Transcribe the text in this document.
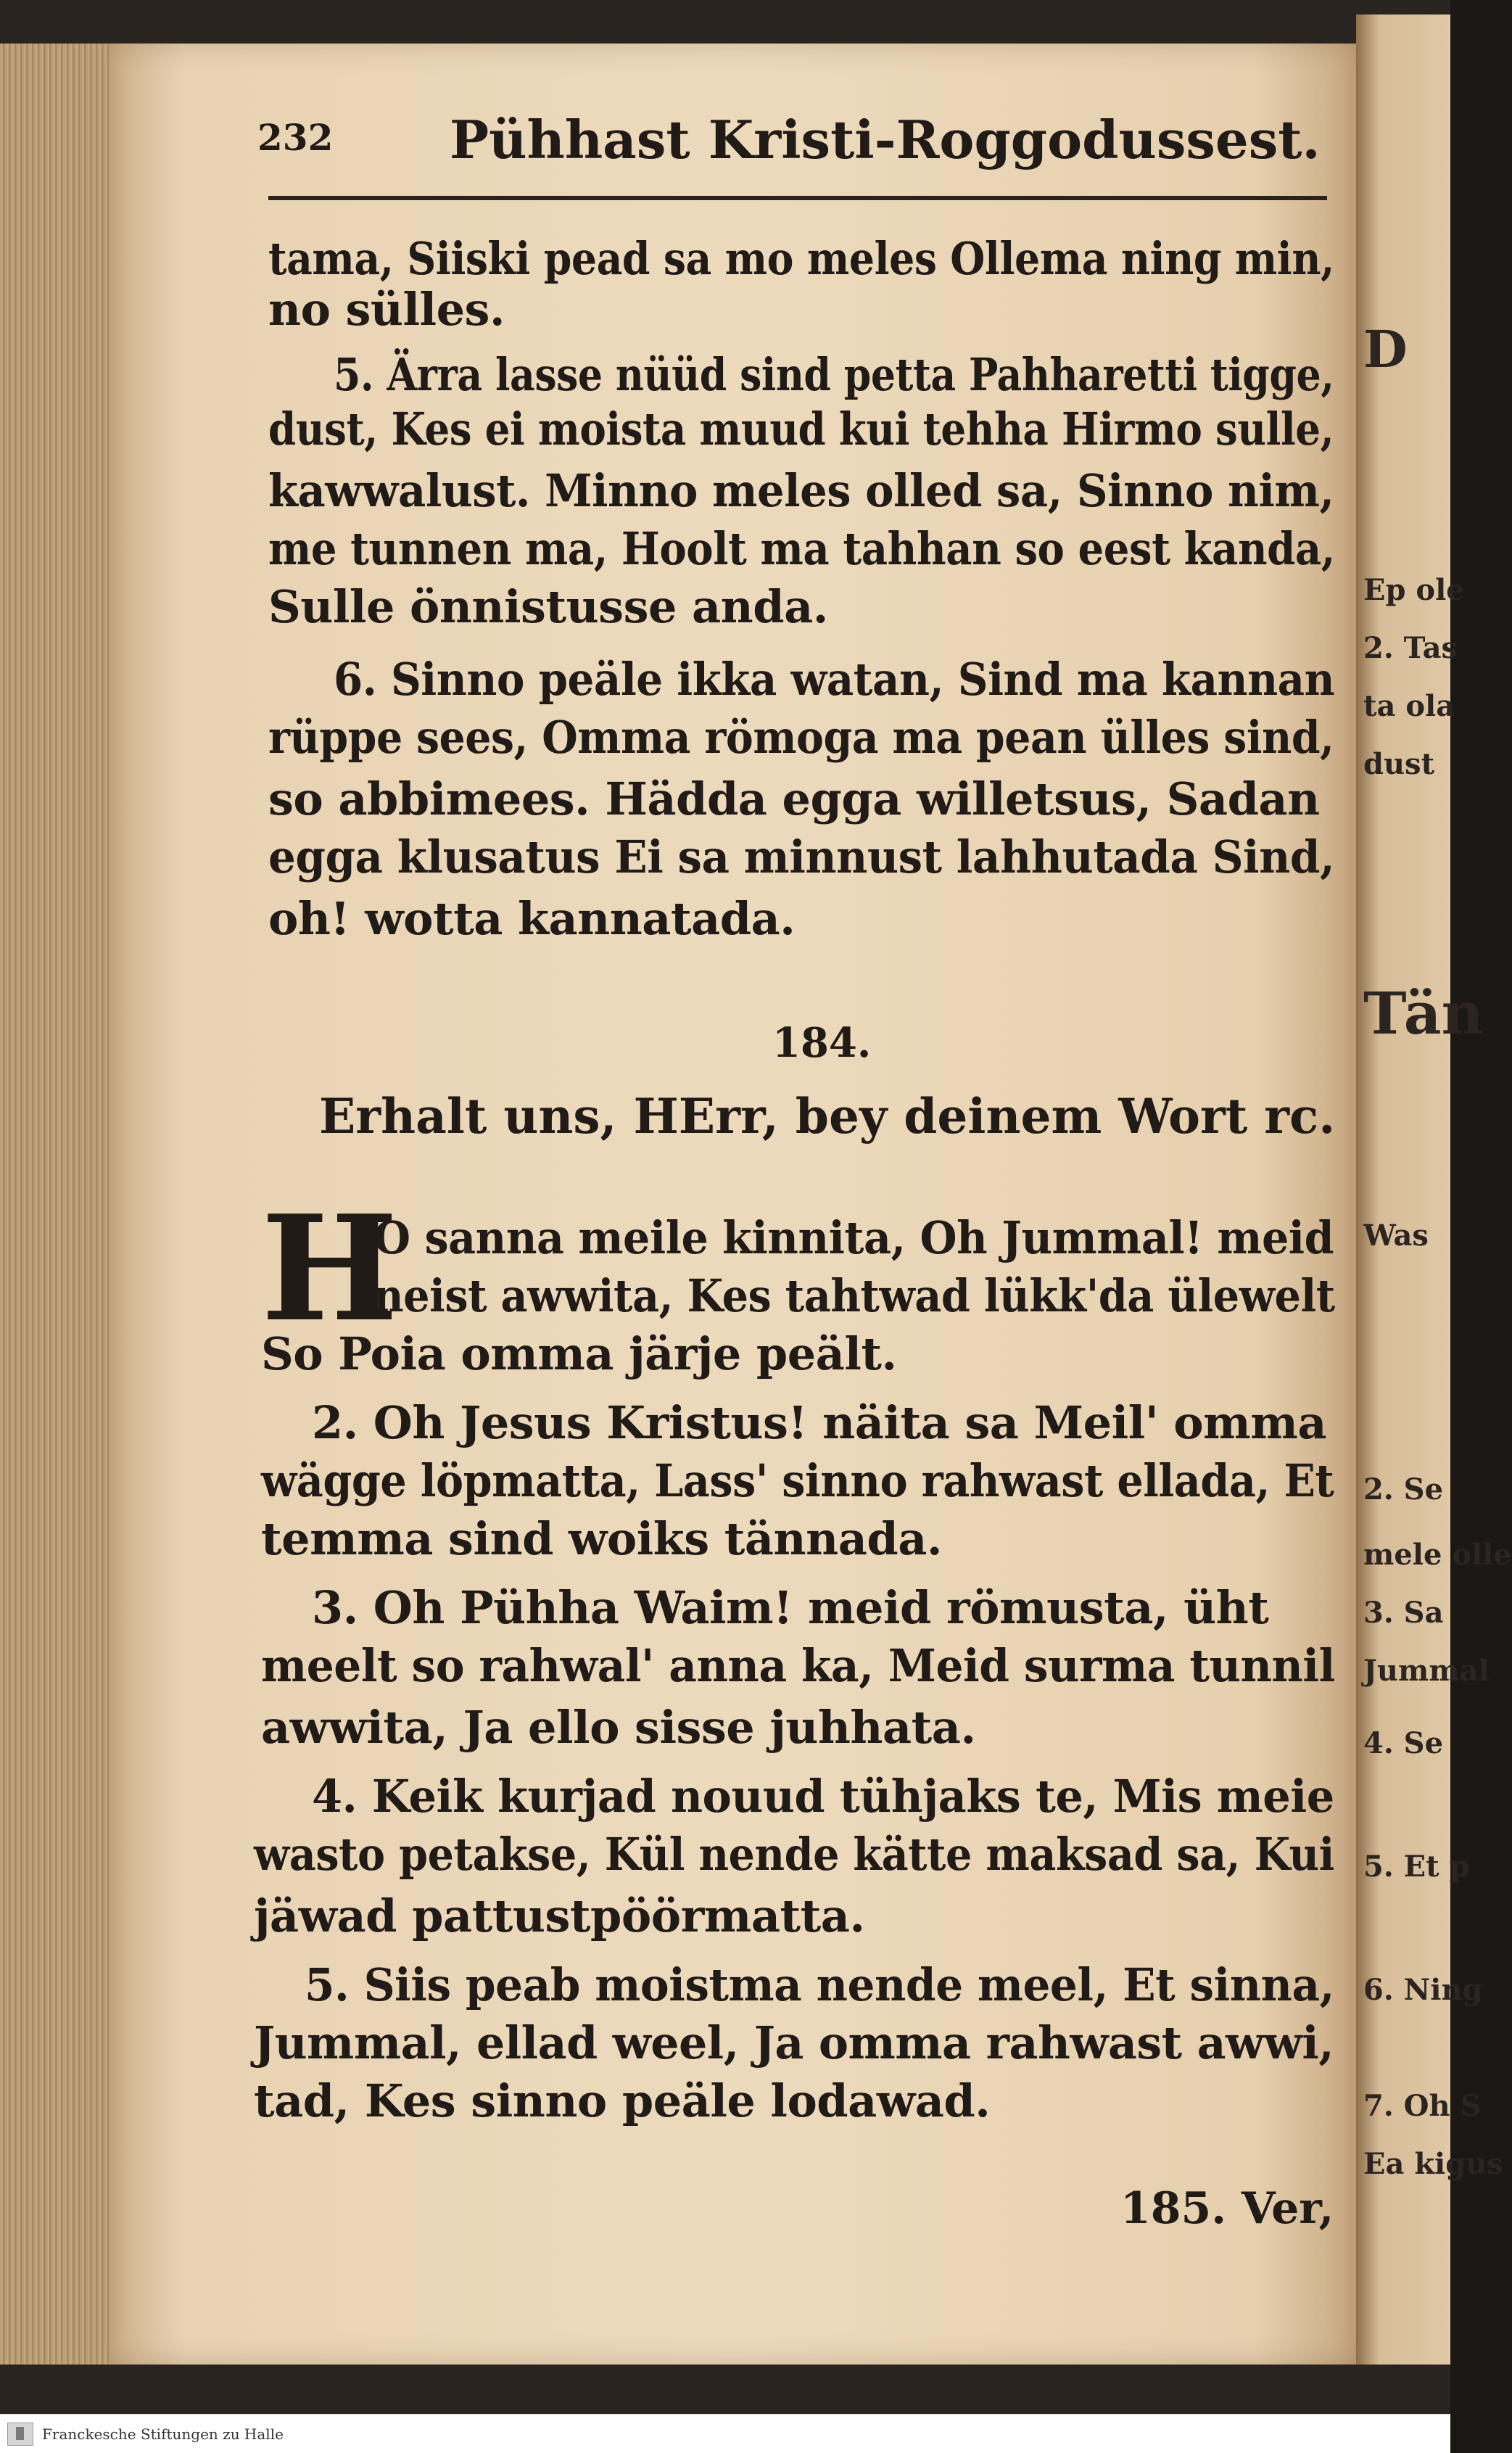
D
Ep ole
2. Tas
ta ola
dust
Tän
Was
2. Se
mele olle
3. Sa
Jummal
4. Se
5. Et p
6. Ning
7. Oh S
Ea kigus
232 Pühhast Kristi-Roggodussest.
tama, Siiski pead sa mo meles Ollema ning min,
no sülles.
5. Ärra lasse nüüd sind petta Pahharetti tigge,
dust, Kes ei moista muud kui tehha Hirmo sulle,
kawwalust. Minno meles olled sa, Sinno nim,
me tunnen ma, Hoolt ma tahhan so eest kanda,
Sulle önnistusse anda.
6. Sinno peäle ikka watan, Sind ma kannan
rüppe sees, Omma römoga ma pean ülles sind,
so abbimees. Hädda egga willetsus, Sadan
egga klusatus Ei sa minnust lahhutada Sind,
oh! wotta kannatada.
184.
Erhalt uns, HErr, bey deinem Wort rc.
H
O sanna meile kinnita, Oh Jummal! meid
neist awwita, Kes tahtwad lükk'da ülewelt
So Poia omma järje peält.
2. Oh Jesus Kristus! näita sa Meil' omma
wägge löpmatta, Lass' sinno rahwast ellada, Et
temma sind woiks tännada.
3. Oh Pühha Waim! meid römusta, üht
meelt so rahwal' anna ka, Meid surma tunnil
awwita, Ja ello sisse juhhata.
4. Keik kurjad nouud tühjaks te, Mis meie
wasto petakse, Kül nende kätte maksad sa, Kui
jäwad pattustpöörmatta.
5. Siis peab moistma nende meel, Et sinna,
Jummal, ellad weel, Ja omma rahwast awwi,
tad, Kes sinno peäle lodawad.
185. Ver,
Franckesche Stiftungen zu Halle
